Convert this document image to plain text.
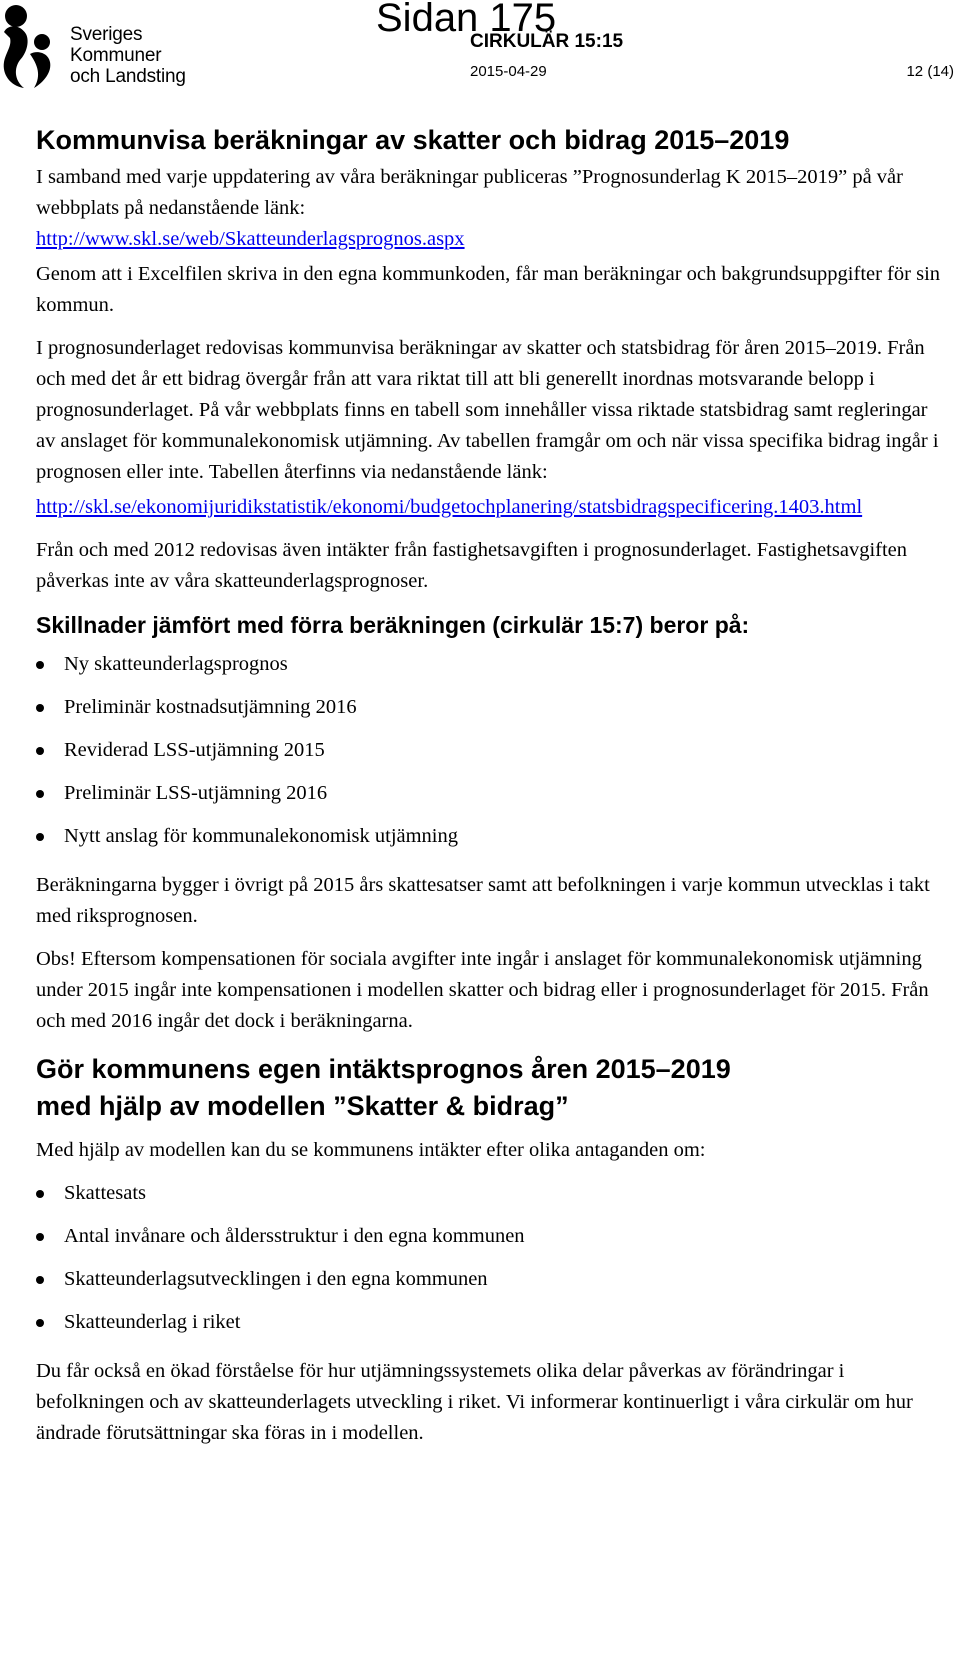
Sveriges
Kommuner
och Landsting
Sidan 175
CIRKULÄR 15:15
2015-04-29	12 (14)
Kommunvisa beräkningar av skatter och bidrag 2015–2019

I samband med varje uppdatering av våra beräkningar publiceras ”Prognosunderlag K 2015–2019” på vår webbplats på nedanstående länk:
http://www.skl.se/web/Skatteunderlagsprognos.aspx

Genom att i Excelfilen skriva in den egna kommunkoden, får man beräkningar och bakgrundsuppgifter för sin kommun.

I prognosunderlaget redovisas kommunvisa beräkningar av skatter och statsbidrag för åren 2015–2019. Från och med det år ett bidrag övergår från att vara riktat till att bli generellt inordnas motsvarande belopp i prognosunderlaget. På vår webbplats finns en tabell som innehåller vissa riktade statsbidrag samt regleringar av anslaget för kommunalekonomisk utjämning. Av tabellen framgår om och när vissa specifika bidrag ingår i prognosen eller inte. Tabellen återfinns via nedanstående länk:

http://skl.se/ekonomijuridikstatistik/ekonomi/budgetochplanering/statsbidragspecificering.1403.html

Från och med 2012 redovisas även intäkter från fastighetsavgiften i prognosunderlaget. Fastighetsavgiften påverkas inte av våra skatteunderlagsprognoser.

Skillnader jämfört med förra beräkningen (cirkulär 15:7) beror på:
Ny skatteunderlagsprognos
Preliminär kostnadsutjämning 2016
Reviderad LSS-utjämning 2015
Preliminär LSS-utjämning 2016
Nytt anslag för kommunalekonomisk utjämning

Beräkningarna bygger i övrigt på 2015 års skattesatser samt att befolkningen i varje kommun utvecklas i takt med riksprognosen.

Obs! Eftersom kompensationen för sociala avgifter inte ingår i anslaget för kommunalekonomisk utjämning under 2015 ingår inte kompensationen i modellen skatter och bidrag eller i prognosunderlaget för 2015. Från och med 2016 ingår det dock i beräkningarna.

Gör kommunens egen intäktsprognos åren 2015–2019
med hjälp av modellen ”Skatter & bidrag”

Med hjälp av modellen kan du se kommunens intäkter efter olika antaganden om:

Skattesats
Antal invånare och åldersstruktur i den egna kommunen
Skatteunderlagsutvecklingen i den egna kommunen
Skatteunderlag i riket

Du får också en ökad förståelse för hur utjämningssystemets olika delar påverkas av förändringar i befolkningen och av skatteunderlagets utveckling i riket. Vi informerar kontinuerligt i våra cirkulär om hur ändrade förutsättningar ska föras in i modellen.
